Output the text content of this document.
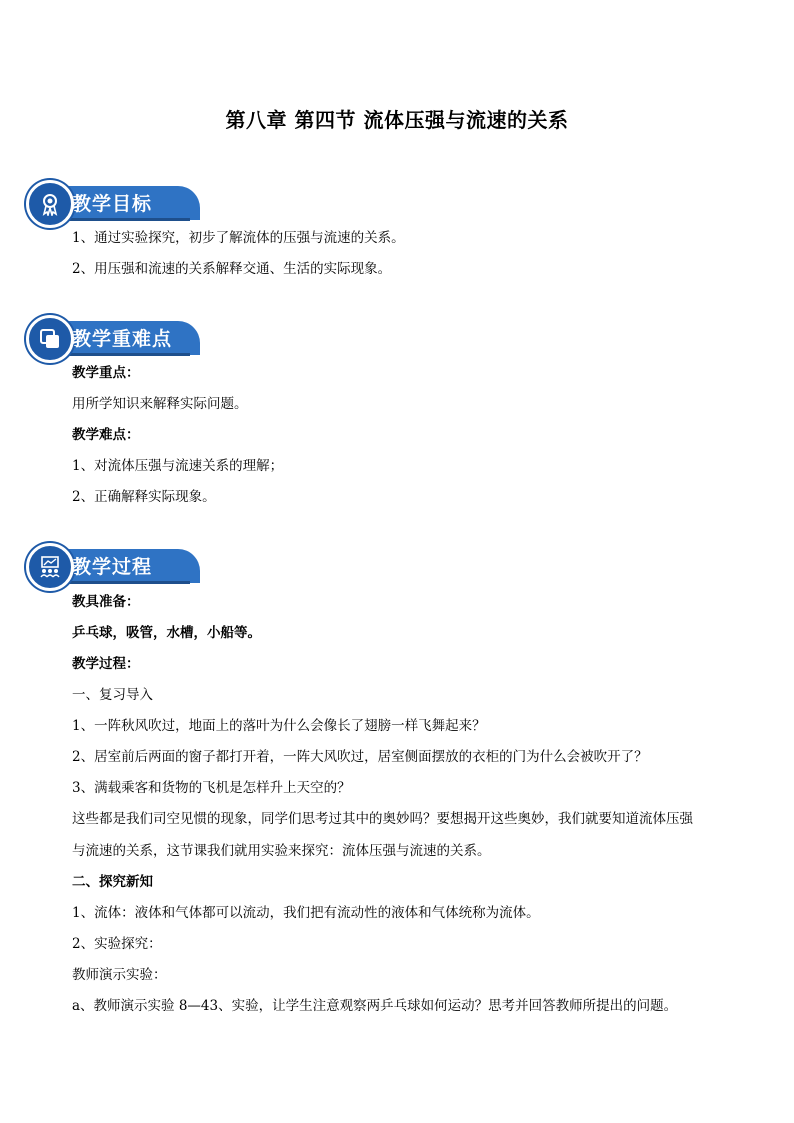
第八章 第四节 流体压强与流速的关系
教学目标
1、通过实验探究，初步了解流体的压强与流速的关系。
2、用压强和流速的关系解释交通、生活的实际现象。
教学重难点
教学重点：
用所学知识来解释实际问题。
教学难点：
1、对流体压强与流速关系的理解；
2、正确解释实际现象。
教学过程
教具准备：
乒乓球，吸管，水槽，小船等。
教学过程：
一、复习导入
1、一阵秋风吹过，地面上的落叶为什么会像长了翅膀一样飞舞起来？
2、居室前后两面的窗子都打开着，一阵大风吹过，居室侧面摆放的衣柜的门为什么会被吹开了？
3、满载乘客和货物的飞机是怎样升上天空的？
这些都是我们司空见惯的现象，同学们思考过其中的奥妙吗？要想揭开这些奥妙，我们就要知道流体压强
与流速的关系，这节课我们就用实验来探究：流体压强与流速的关系。
二、探究新知
1、流体：液体和气体都可以流动，我们把有流动性的液体和气体统称为流体。
2、实验探究：
教师演示实验：
a、教师演示实验 8—43、实验，让学生注意观察两乒乓球如何运动？思考并回答教师所提出的问题。
